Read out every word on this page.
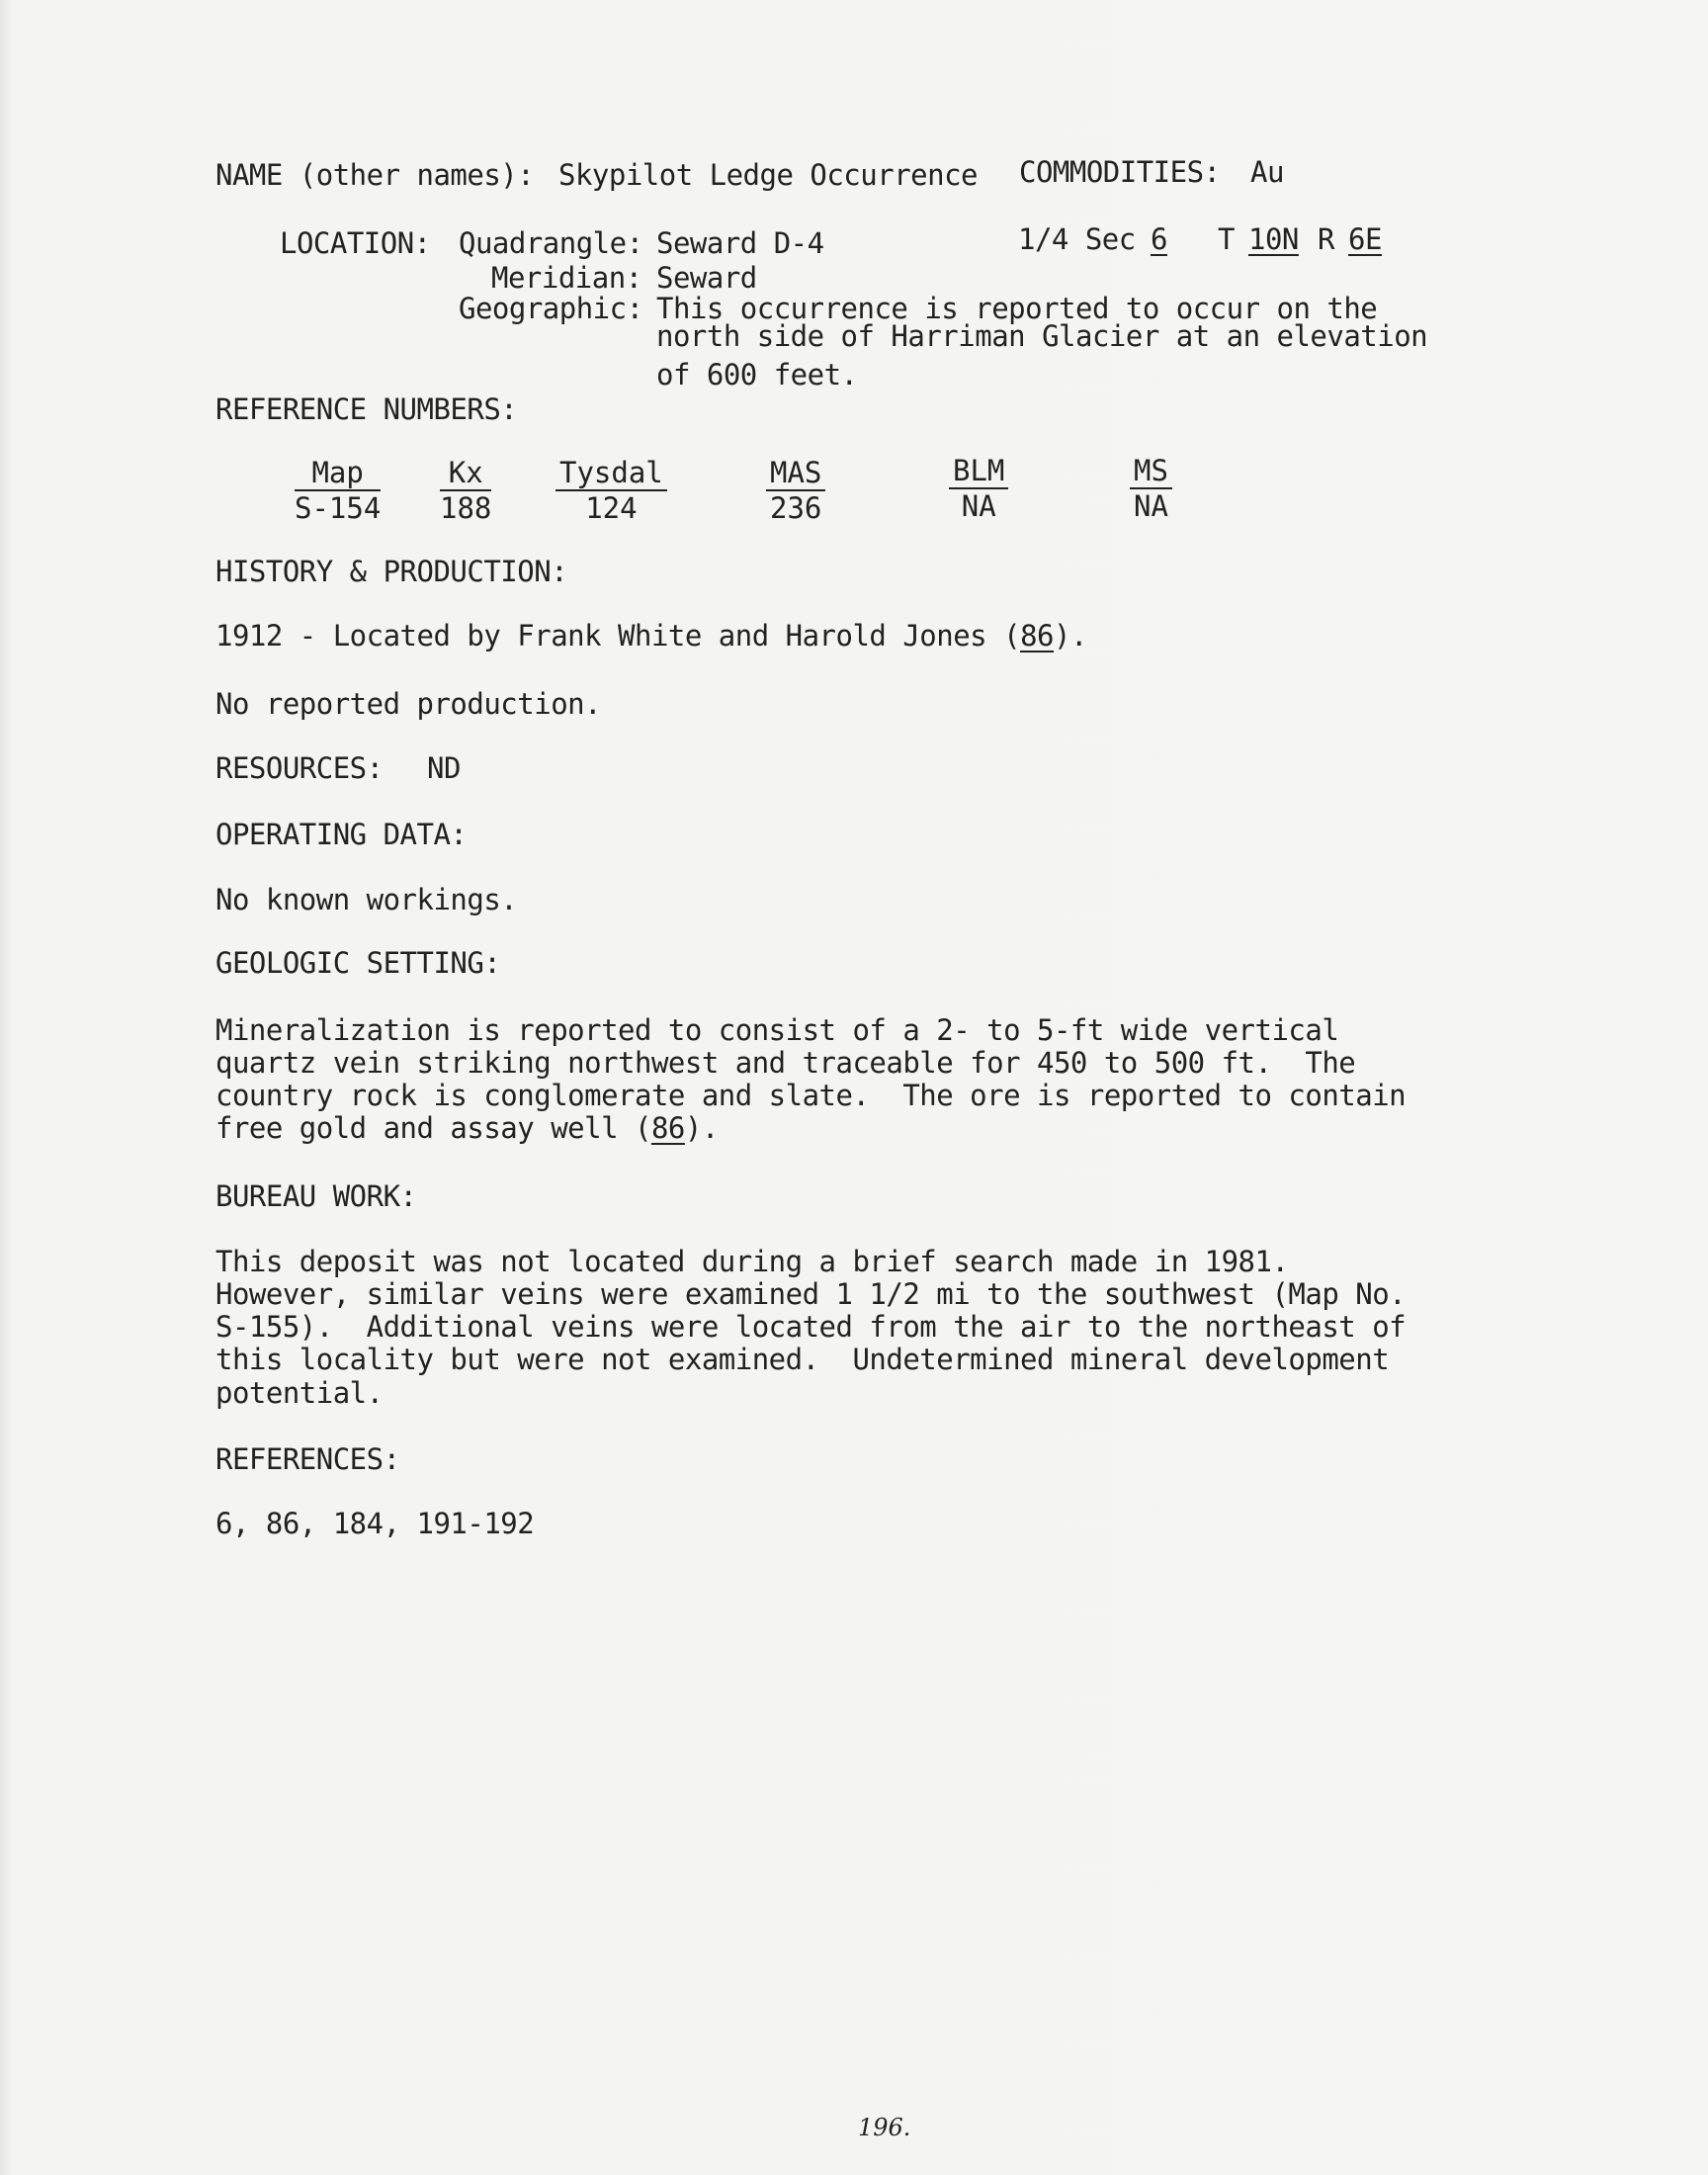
NAME (other names): Skypilot Ledge Occurrence COMMODITIES: Au
LOCATION: Quadrangle: Seward D-4	1/4 Sec 6 T 10N R 6E
Meridian: Seward
Geographic: This occurrence is reported to occur on the
north side of Harriman Glacier at an elevation
of 600 feet.
REFERENCE NUMBERS:
Map
S-154
Kx
188
Tysdal
124
MAS
236
BLM
NA
MS
NA
HISTORY & PRODUCTION:
1912 - Located by Frank White and Harold Jones (86).
No reported production.
RESOURCES: ND
OPERATING DATA:
No known workings.
GEOLOGIC SETTING:
Mineralization is reported to consist of a 2- to 5-ft wide vertical
quartz vein striking northwest and traceable for 450 to 500 ft.  The
country rock is conglomerate and slate.  The ore is reported to contain
free gold and assay well (86).
BUREAU WORK:
This deposit was not located during a brief search made in 1981.
However, similar veins were examined 1 1/2 mi to the southwest (Map No.
S-155).  Additional veins were located from the air to the northeast of
this locality but were not examined.  Undetermined mineral development
potential.
REFERENCES:
6, 86, 184, 191-192
196.
